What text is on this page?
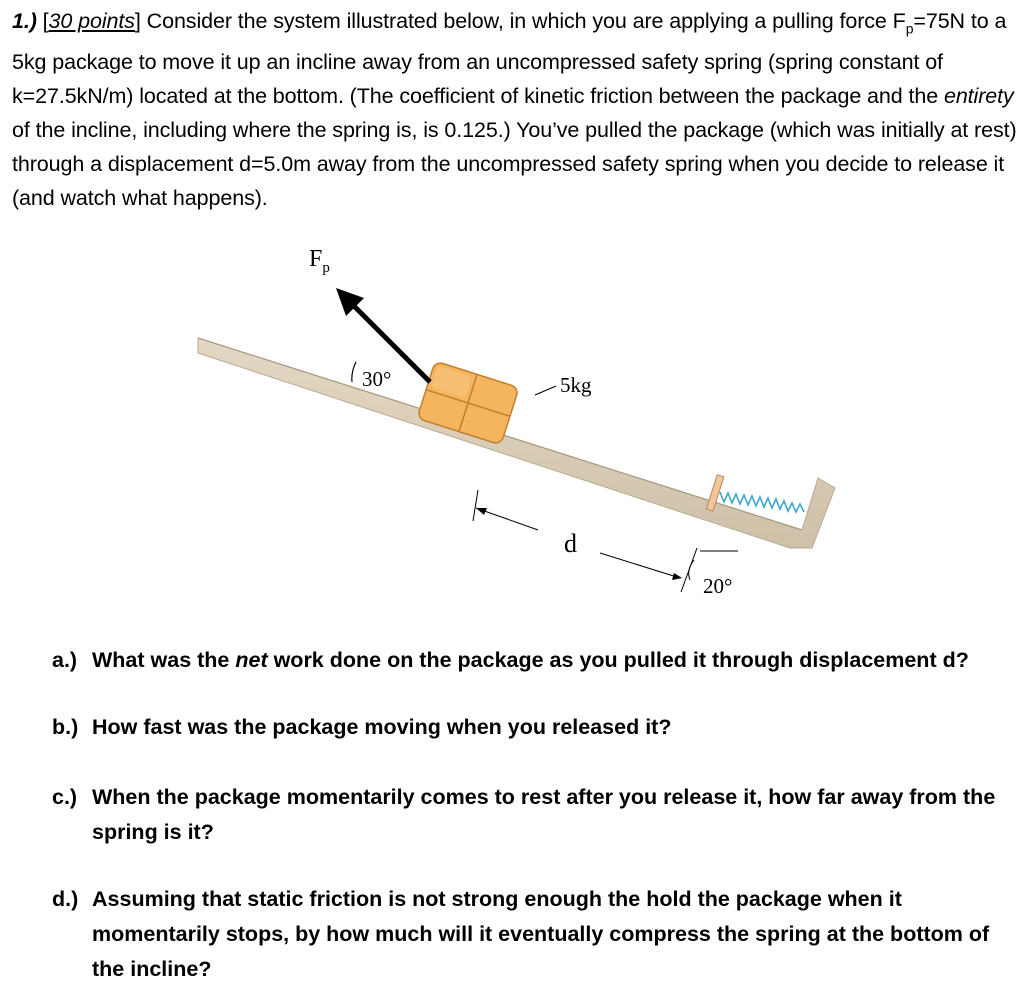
1.) [30 points] Consider the system illustrated below, in which you are applying a pulling force $F_p=75N$ to a 5kg package to move it up an incline away from an uncompressed safety spring (spring constant of k=27.5kN/m) located at the bottom. (The coefficient of kinetic friction between the package and the entirety of the incline, including where the spring is, is 0.125.) You’ve pulled the package (which was initially at rest) through a displacement d=5.0m away from the uncompressed safety spring when you decide to release it (and watch what happens).
$F_p$
30°	5kg
d
20°
a.) What was the net work done on the package as you pulled it through displacement d?
b.) How fast was the package moving when you released it?
c.) When the package momentarily comes to rest after you release it, how far away from the spring is it?
d.) Assuming that static friction is not strong enough the hold the package when it momentarily stops, by how much will it eventually compress the spring at the bottom of the incline?
